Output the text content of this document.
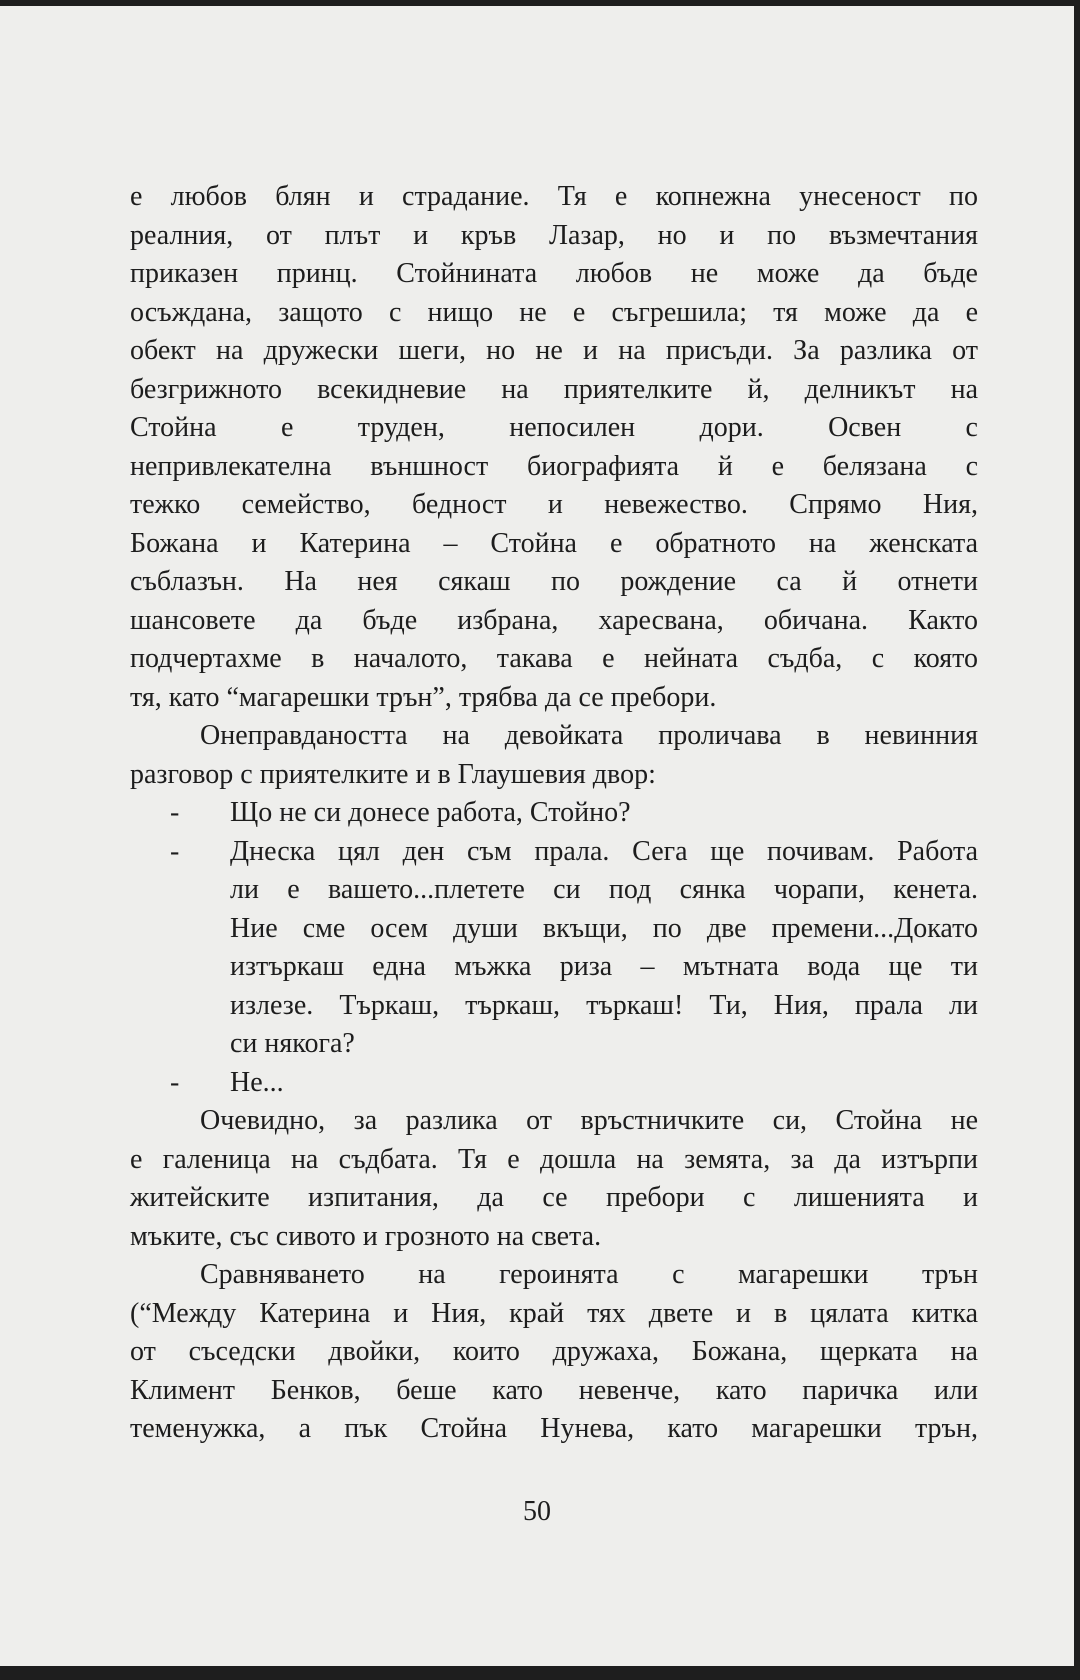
е любов блян и страдание. Тя е копнежна унесеност по
реалния, от плът и кръв Лазар, но и по възмечтания
приказен принц. Стойнината любов не може да бъде
осъждана, защото с нищо не е съгрешила; тя може да е
обект на дружески шеги, но не и на присъди. За разлика от
безгрижното всекидневие на приятелките й, делникът на
Стойна е труден, непосилен дори. Освен с
непривлекателна външност биографията й е белязана с
тежко семейство, бедност и невежество. Спрямо Ния,
Божана и Катерина – Стойна е обратното на женската
съблазън. На нея сякаш по рождение са й отнети
шансовете да бъде избрана, харесвана, обичана. Както
подчертахме в началото, такава е нейната съдба, с която
тя, като “магарешки трън”, трябва да се пребори.
Онеправдаността на девойката проличава в невинния
разговор с приятелките и в Глаушевия двор:
-	Що не си донесе работа, Стойно?
-	Днеска цял ден съм прала. Сега ще почивам. Работа
ли е вашето...плетете си под сянка чорапи, кенета.
Ние сме осем души вкъщи, по две премени...Докато
изтъркаш една мъжка риза – мътната вода ще ти
излезе. Търкаш, търкаш, търкаш! Ти, Ния, прала ли
си някога?
-	Не...
Очевидно, за разлика от връстничките си, Стойна не
е галеница на съдбата. Тя е дошла на земята, за да изтърпи
житейските изпитания, да се пребори с лишенията и
мъките, със сивото и грозното на света.
Сравняването на героинята с магарешки трън
(“Между Катерина и Ния, край тях двете и в цялата китка
от съседски двойки, които дружаха, Божана, щерката на
Климент Бенков, беше като невенче, като паричка или
теменужка, а пък Стойна Нунева, като магарешки трън,
50
